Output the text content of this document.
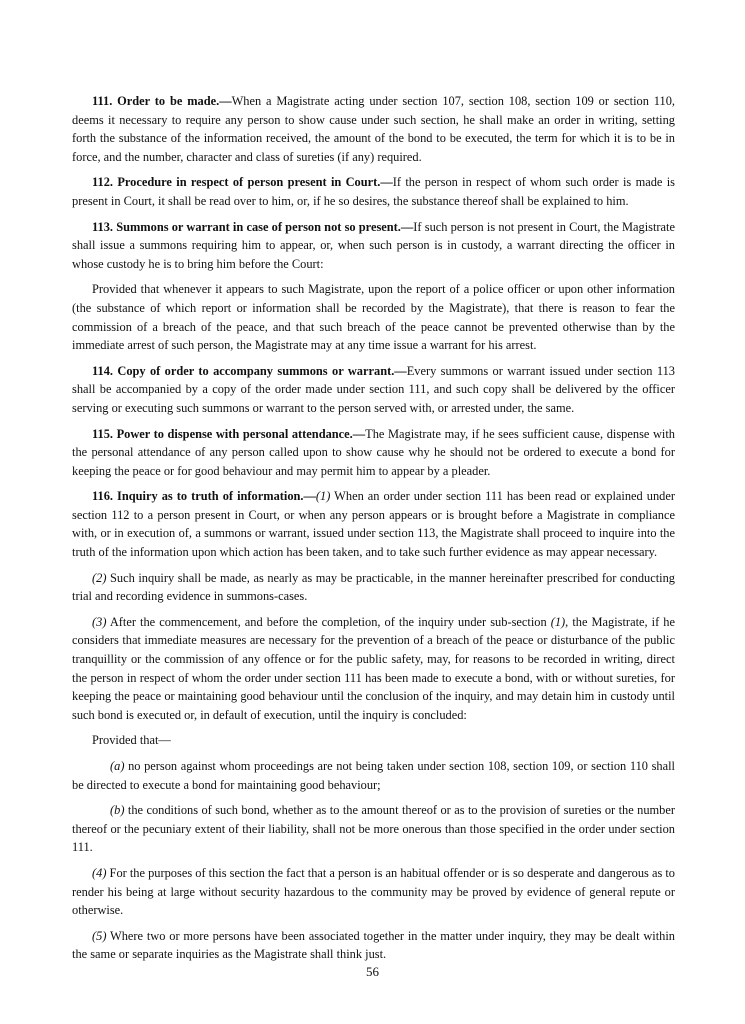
111. Order to be made.—When a Magistrate acting under section 107, section 108, section 109 or section 110, deems it necessary to require any person to show cause under such section, he shall make an order in writing, setting forth the substance of the information received, the amount of the bond to be executed, the term for which it is to be in force, and the number, character and class of sureties (if any) required.

112. Procedure in respect of person present in Court.—If the person in respect of whom such order is made is present in Court, it shall be read over to him, or, if he so desires, the substance thereof shall be explained to him.

113. Summons or warrant in case of person not so present.—If such person is not present in Court, the Magistrate shall issue a summons requiring him to appear, or, when such person is in custody, a warrant directing the officer in whose custody he is to bring him before the Court:

Provided that whenever it appears to such Magistrate, upon the report of a police officer or upon other information (the substance of which report or information shall be recorded by the Magistrate), that there is reason to fear the commission of a breach of the peace, and that such breach of the peace cannot be prevented otherwise than by the immediate arrest of such person, the Magistrate may at any time issue a warrant for his arrest.

114. Copy of order to accompany summons or warrant.—Every summons or warrant issued under section 113 shall be accompanied by a copy of the order made under section 111, and such copy shall be delivered by the officer serving or executing such summons or warrant to the person served with, or arrested under, the same.

115. Power to dispense with personal attendance.—The Magistrate may, if he sees sufficient cause, dispense with the personal attendance of any person called upon to show cause why he should not be ordered to execute a bond for keeping the peace or for good behaviour and may permit him to appear by a pleader.

116. Inquiry as to truth of information.—(1) When an order under section 111 has been read or explained under section 112 to a person present in Court, or when any person appears or is brought before a Magistrate in compliance with, or in execution of, a summons or warrant, issued under section 113, the Magistrate shall proceed to inquire into the truth of the information upon which action has been taken, and to take such further evidence as may appear necessary.

(2) Such inquiry shall be made, as nearly as may be practicable, in the manner hereinafter prescribed for conducting trial and recording evidence in summons-cases.

(3) After the commencement, and before the completion, of the inquiry under sub-section (1), the Magistrate, if he considers that immediate measures are necessary for the prevention of a breach of the peace or disturbance of the public tranquillity or the commission of any offence or for the public safety, may, for reasons to be recorded in writing, direct the person in respect of whom the order under section 111 has been made to execute a bond, with or without sureties, for keeping the peace or maintaining good behaviour until the conclusion of the inquiry, and may detain him in custody until such bond is executed or, in default of execution, until the inquiry is concluded:

Provided that—

(a) no person against whom proceedings are not being taken under section 108, section 109, or section 110 shall be directed to execute a bond for maintaining good behaviour;

(b) the conditions of such bond, whether as to the amount thereof or as to the provision of sureties or the number thereof or the pecuniary extent of their liability, shall not be more onerous than those specified in the order under section 111.

(4) For the purposes of this section the fact that a person is an habitual offender or is so desperate and dangerous as to render his being at large without security hazardous to the community may be proved by evidence of general repute or otherwise.

(5) Where two or more persons have been associated together in the matter under inquiry, they may be dealt within the same or separate inquiries as the Magistrate shall think just.

56
